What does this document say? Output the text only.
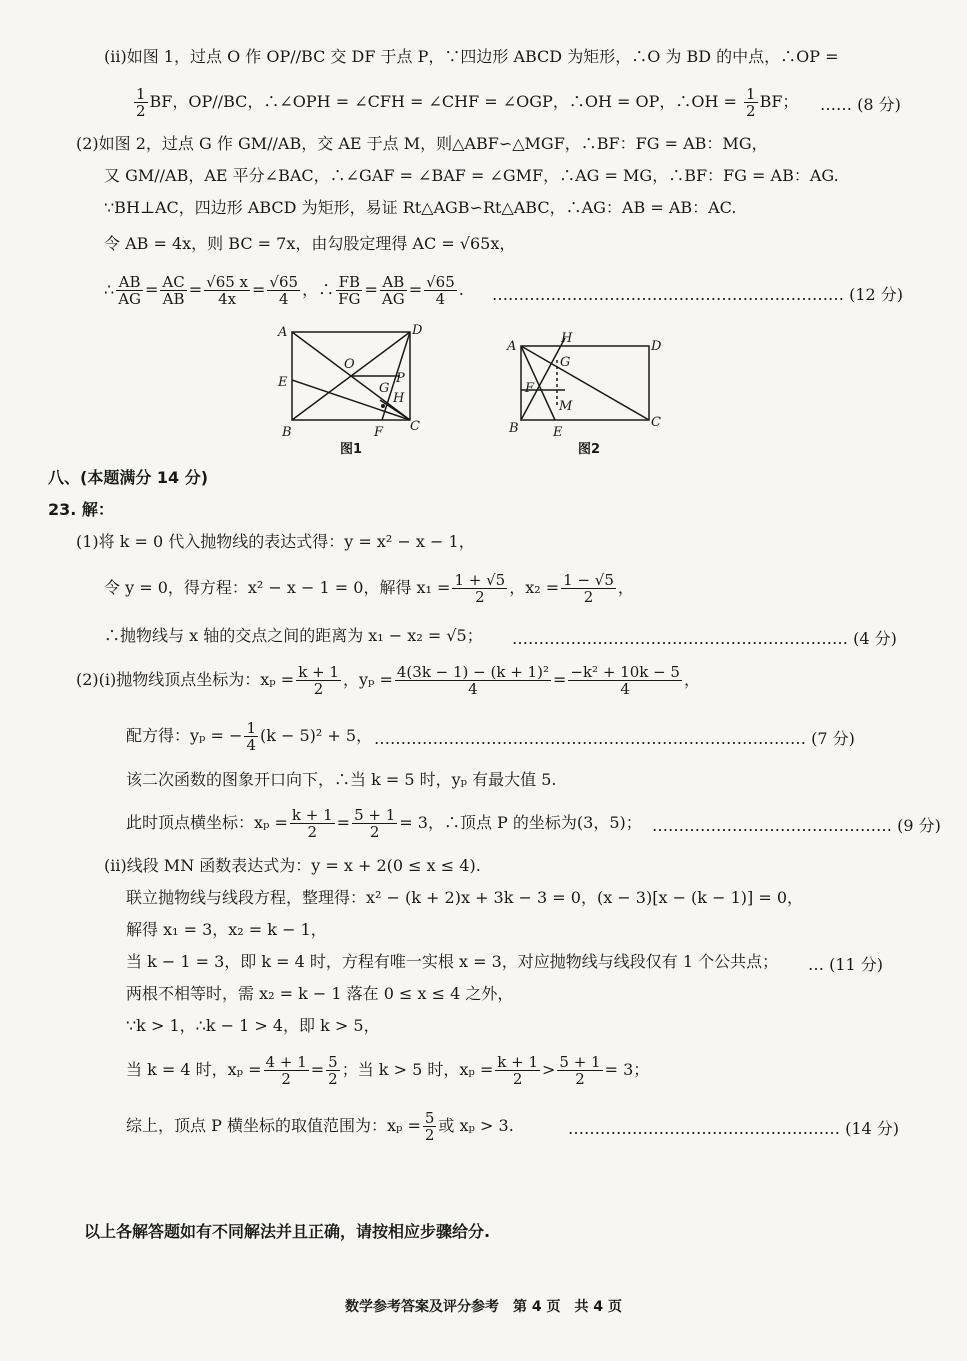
(ii)如图 1，过点 O 作 OP//BC 交 DF 于点 P，∵四边形 ABCD 为矩形，∴O 为 BD 的中点，∴OP =
$\frac{1}{2}$ BF，OP//BC，∴∠OPH = ∠CFH = ∠CHF = ∠OGP，∴OH = OP，∴OH = $\frac{1}{2}$ BF； …… (8 分)
(2)如图 2，过点 G 作 GM//AB，交 AE 于点 M，则△ABF∽△MGF，∴BF：FG = AB：MG，
又 GM//AB，AE 平分∠BAC，∴∠GAF = ∠BAF = ∠GMF，∴AG = MG，∴BF：FG = AB：AG.
∵BH⊥AC，四边形 ABCD 为矩形，易证 Rt△AGB∽Rt△ABC，∴AG：AB = AB：AC.
令 AB = 4x，则 BC = 7x，由勾股定理得 AC = √65x，
∴ $\frac{AB}{AG} = \frac{AC}{AB} = \frac{√65 x}{4x} = \frac{√65}{4}$ ，∴ $\frac{FB}{FG} = \frac{AB}{AG} = \frac{√65}{4}$ . ………………………………………………………… (12 分)
A	D
E
O
P
G
H
B	F C
图1
A
H
D
G
F
M
B	E
C
图2
八、(本题满分 14 分)
23. 解：
(1)将 k = 0 代入抛物线的表达式得：y = x² − x − 1，
令 y = 0，得方程：x² − x − 1 = 0，解得 $x_1 = \frac{1 + √5}{2}$ ，$x_2 = \frac{1 - √5}{2}$ ，
∴抛物线与 x 轴的交点之间的距离为 x₁ − x₂ = √5； ……………………………………………………… (4 分)
(2)(i)抛物线顶点坐标为：$x_p = \frac{k + 1}{2}$ ，$y_p = \frac{\text{4(3k − 1) − (k + 1)²}}{4} = \frac{\text{−k² + 10k − 5}}{4}$ ，
配方得：yₚ = − $\frac{1}{4} (k - 5)^2 + 5$， ……………………………………………………………………… (7 分)
该二次函数的图象开口向下，∴当 k = 5 时，yₚ 有最大值 5.
此时顶点横坐标：$x_p = \frac{k + 1}{2} = \frac{5 + 1}{2} = 3$，∴顶点 P 的坐标为(3，5)； ……………………………………… (9 分)
(ii)线段 MN 函数表达式为：y = x + 2(0 ≤ x ≤ 4).
联立抛物线与线段方程，整理得：x² − (k + 2)x + 3k − 3 = 0，(x − 3)[x − (k − 1)] = 0，
解得 x₁ = 3，x₂ = k − 1，
当 k − 1 = 3，即 k = 4 时，方程有唯一实根 x = 3，对应抛物线与线段仅有 1 个公共点； … (11 分)
两根不相等时，需 x₂ = k − 1 落在 0 ≤ x ≤ 4 之外，
∵k > 1，∴k − 1 > 4，即 k > 5，
当 k = 4 时，$x_p = \frac{4 + 1}{2} = \frac{5}{2}$ ；当 k > 5 时，$x_p = \frac{k + 1}{2} > \frac{5 + 1}{2} = 3$；
综上，顶点 P 横坐标的取值范围为：$x_p = \frac{5}{2}$ 或 xₚ > 3.	…………………………………………… (14 分)
以上各解答题如有不同解法并且正确，请按相应步骤给分.
数学参考答案及评分参考　第 4 页　共 4 页
